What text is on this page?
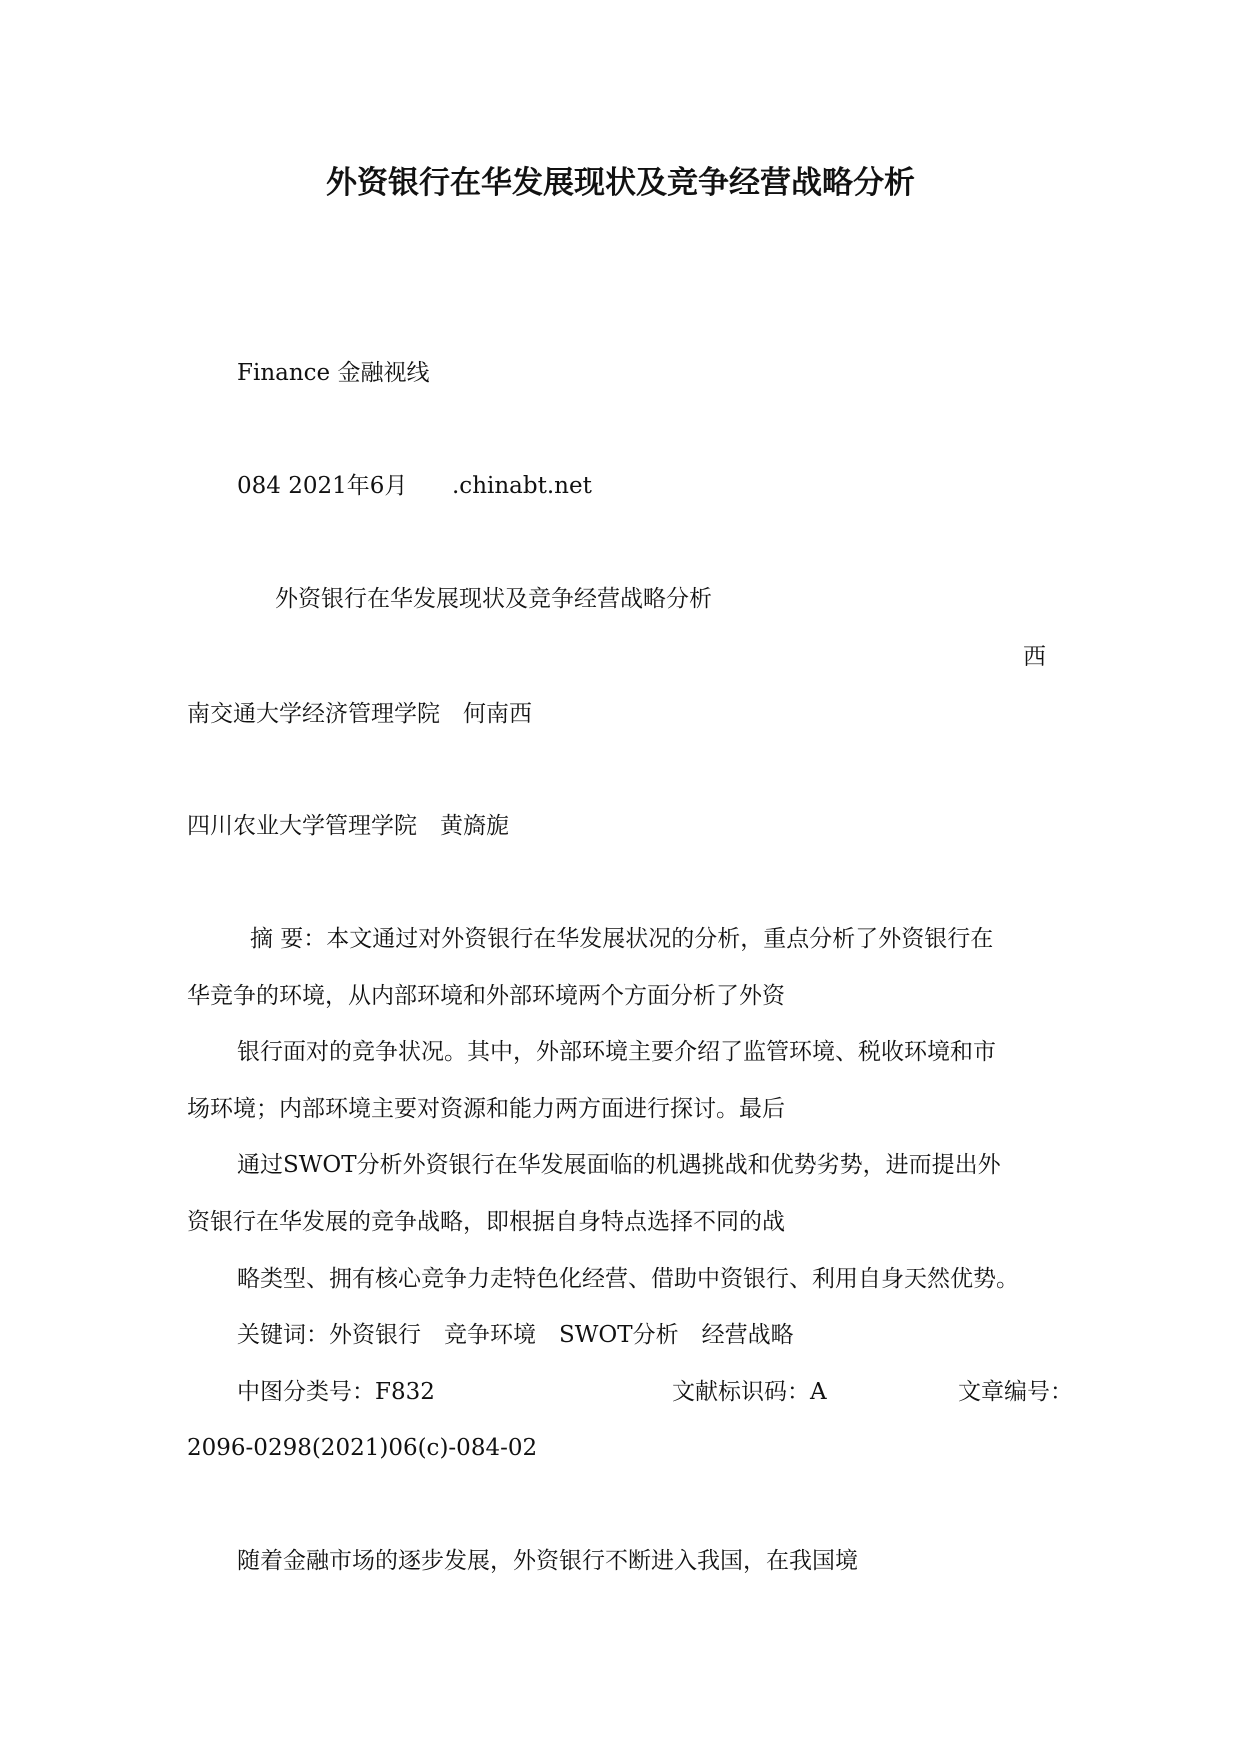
外资银行在华发展现状及竞争经营战略分析
Finance 金融视线
084 2021年6月 .chinabt.net
外资银行在华发展现状及竞争经营战略分析
西
南交通大学经济管理学院　何南西
四川农业大学管理学院　黄旖旎
摘 要：本文通过对外资银行在华发展状况的分析，重点分析了外资银行在
华竞争的环境，从内部环境和外部环境两个方面分析了外资
银行面对的竞争状况。其中，外部环境主要介绍了监管环境、税收环境和市
场环境；内部环境主要对资源和能力两方面进行探讨。最后
通过SWOT分析外资银行在华发展面临的机遇挑战和优势劣势，进而提出外
资银行在华发展的竞争战略，即根据自身特点选择不同的战
略类型、拥有核心竞争力走特色化经营、借助中资银行、利用自身天然优势。
关键词：外资银行　竞争环境　SWOT分析　经营战略
中图分类号：F832	文献标识码：A	文章编号：
2096-0298(2021)06(c)-084-02
随着金融市场的逐步发展，外资银行不断进入我国，在我国境
